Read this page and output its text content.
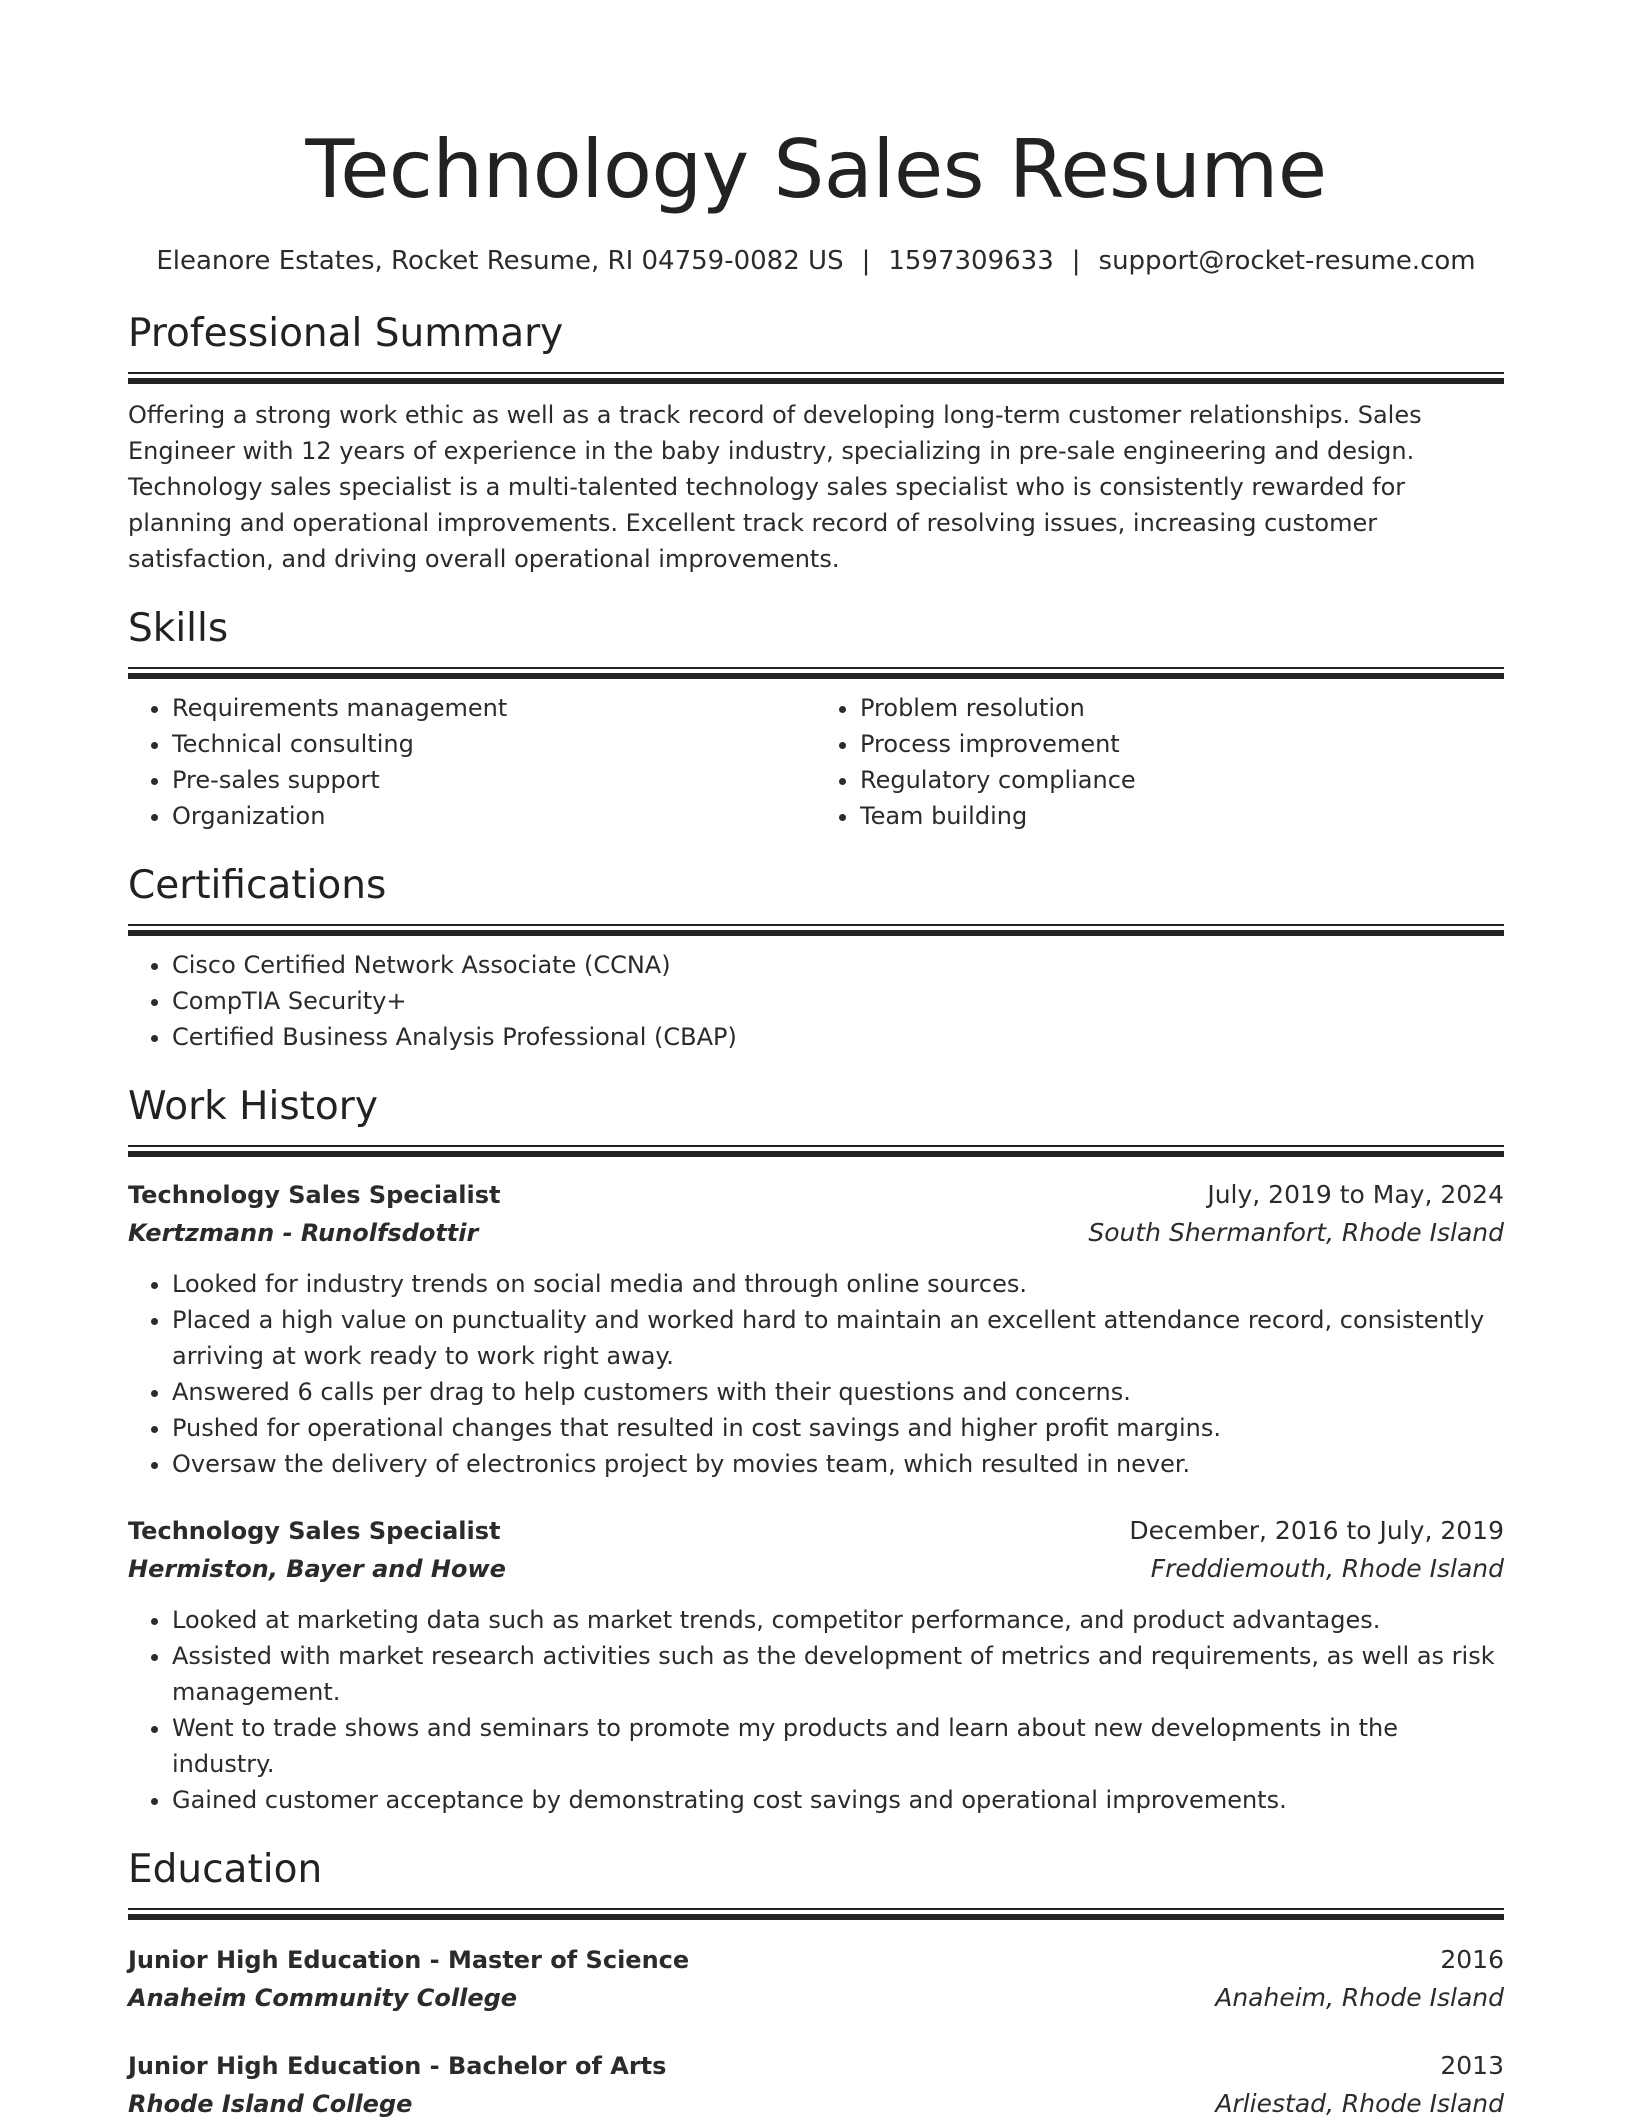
Technology Sales Resume
Eleanore Estates, Rocket Resume, RI 04759-0082 US | 1597309633 | support@rocket-resume.com
Professional Summary
Offering a strong work ethic as well as a track record of developing long-term customer relationships. Sales Engineer with 12 years of experience in the baby industry, specializing in pre-sale engineering and design. Technology sales specialist is a multi-talented technology sales specialist who is consistently rewarded for planning and operational improvements. Excellent track record of resolving issues, increasing customer satisfaction, and driving overall operational improvements.
Skills
• Requirements management
• Technical consulting
• Pre-sales support
• Organization
• Problem resolution
• Process improvement
• Regulatory compliance
• Team building
Certifications
• Cisco Certified Network Associate (CCNA)
• CompTIA Security+
• Certified Business Analysis Professional (CBAP)
Work History
Technology Sales Specialist	July, 2019 to May, 2024
Kertzmann - Runolfsdottir	South Shermanfort, Rhode Island
• Looked for industry trends on social media and through online sources.
• Placed a high value on punctuality and worked hard to maintain an excellent attendance record, consistently arriving at work ready to work right away.
• Answered 6 calls per drag to help customers with their questions and concerns.
• Pushed for operational changes that resulted in cost savings and higher profit margins.
• Oversaw the delivery of electronics project by movies team, which resulted in never.
Technology Sales Specialist	December, 2016 to July, 2019
Hermiston, Bayer and Howe	Freddiemouth, Rhode Island
• Looked at marketing data such as market trends, competitor performance, and product advantages.
• Assisted with market research activities such as the development of metrics and requirements, as well as risk management.
• Went to trade shows and seminars to promote my products and learn about new developments in the industry.
• Gained customer acceptance by demonstrating cost savings and operational improvements.
Education
Junior High Education - Master of Science	2016
Anaheim Community College	Anaheim, Rhode Island
Junior High Education - Bachelor of Arts	2013
Rhode Island College	Arliestad, Rhode Island
